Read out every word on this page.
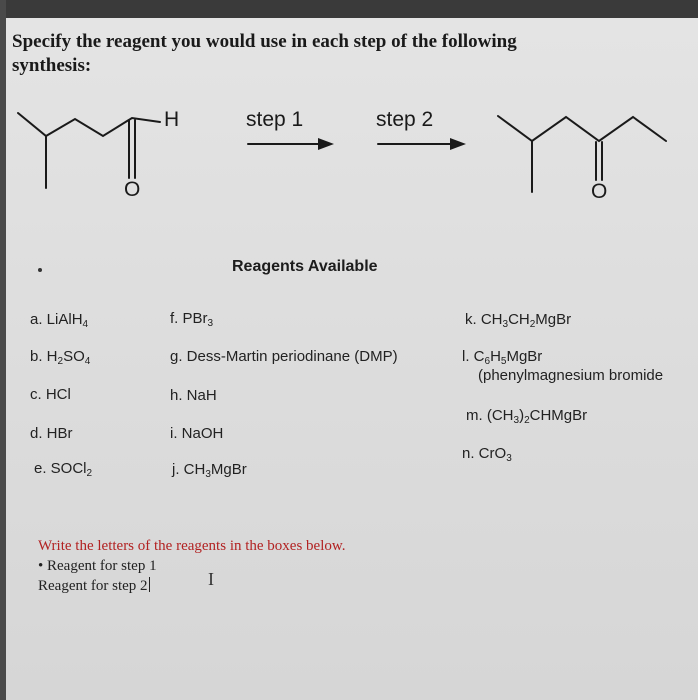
Specify the reagent you would use in each step of the following
synthesis:
H
O
step 1	step 2
O
Reagents Available
a. LiAlH$_4$
b. $H_2SO_4$
c. HCl
d. HBr
e. SOCl$_2$
f. PBr$_3$
g. Dess-Martin periodinane (DMP)
h. NaH
i. NaOH
j. $CH_3MgBr$
k. $CH_3CH_2MgBr$
l. $C_6H_5MgBr$
(phenylmagnesium bromide
m. $(CH_3)_2CHMgBr$
n. CrO$_3$
Write the letters of the reagents in the boxes below.
• Reagent for step 1
Reagent for step 2	I
